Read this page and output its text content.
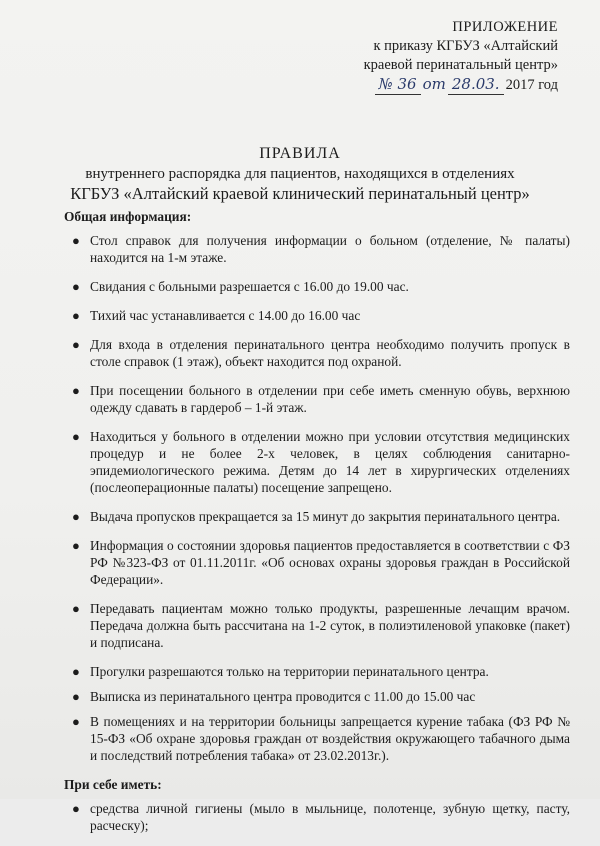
ПРИЛОЖЕНИЕ
к приказу КГБУЗ «Алтайский
краевой перинатальный центр»
№ 36 от 28.03. 2017 год
ПРАВИЛА
внутреннего распорядка для пациентов, находящихся в отделениях
КГБУЗ «Алтайский краевой клинический перинатальный центр»
Общая информация:
● Стол справок для получения информации о больном (отделение, № палаты) находится на 1-м этаже.
● Свидания с больными разрешается с 16.00 до 19.00 час.
● Тихий час устанавливается с 14.00 до 16.00 час
● Для входа в отделения перинатального центра необходимо получить пропуск в столе справок (1 этаж), объект находится под охраной.
● При посещении больного в отделении при себе иметь сменную обувь, верхнюю одежду сдавать в гардероб – 1-й этаж.
● Находиться у больного в отделении можно при условии отсутствия медицинских процедур и не более 2-х человек, в целях соблюдения санитарно-эпидемиологического режима. Детям до 14 лет в хирургических отделениях (послеоперационные палаты) посещение запрещено.
● Выдача пропусков прекращается за 15 минут до закрытия перинатального центра.
● Информация о состоянии здоровья пациентов предоставляется в соответствии с ФЗ РФ №323-ФЗ от 01.11.2011г. «Об основах охраны здоровья граждан в Российской Федерации».
● Передавать пациентам можно только продукты, разрешенные лечащим врачом. Передача должна быть рассчитана на 1-2 суток, в полиэтиленовой упаковке (пакет) и подписана.
● Прогулки разрешаются только на территории перинатального центра.
● Выписка из перинатального центра проводится с 11.00 до 15.00 час
● В помещениях и на территории больницы запрещается курение табака (ФЗ РФ № 15-ФЗ «Об охране здоровья граждан от воздействия окружающего табачного дыма и последствий потребления табака» от 23.02.2013г.).
При себе иметь:
● средства личной гигиены (мыло в мыльнице, полотенце, зубную щетку, пасту, расческу);
